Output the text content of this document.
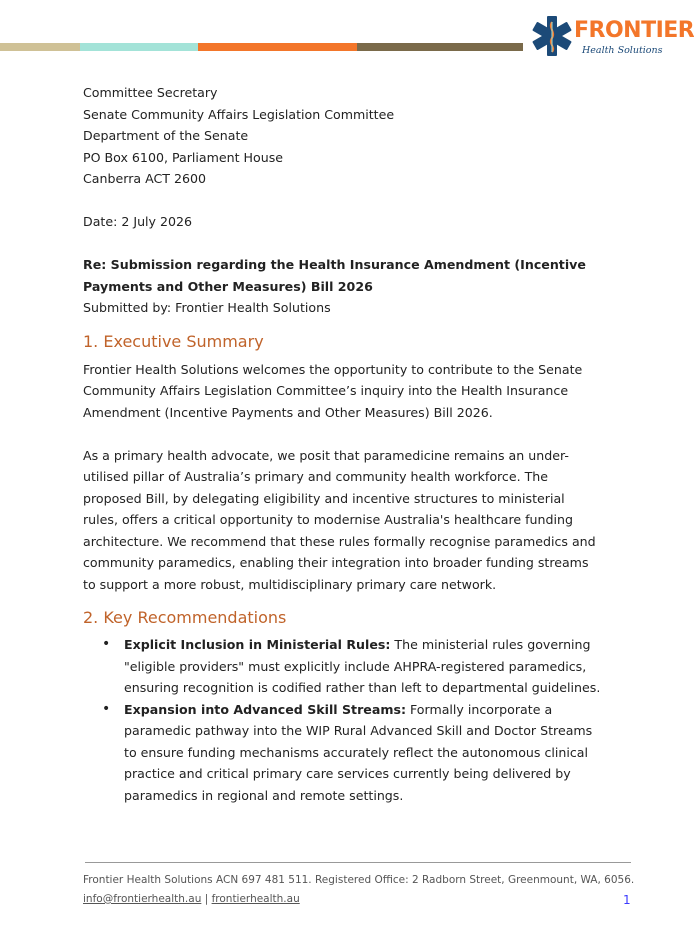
FRONTIER
Health Solutions
Committee Secretary
Senate Community Affairs Legislation Committee
Department of the Senate
PO Box 6100, Parliament House
Canberra ACT 2600
Date: 2 July 2026
Re: Submission regarding the Health Insurance Amendment (Incentive Payments and Other Measures) Bill 2026
Submitted by: Frontier Health Solutions
1. Executive Summary

Frontier Health Solutions welcomes the opportunity to contribute to the Senate Community Affairs Legislation Committee’s inquiry into the Health Insurance Amendment (Incentive Payments and Other Measures) Bill 2026.

As a primary health advocate, we posit that paramedicine remains an under-utilised pillar of Australia’s primary and community health workforce. The proposed Bill, by delegating eligibility and incentive structures to ministerial rules, offers a critical opportunity to modernise Australia's healthcare funding architecture. We recommend that these rules formally recognise paramedics and community paramedics, enabling their integration into broader funding streams to support a more robust, multidisciplinary primary care network.

2. Key Recommendations
• Explicit Inclusion in Ministerial Rules: The ministerial rules governing "eligible providers" must explicitly include AHPRA-registered paramedics, ensuring recognition is codified rather than left to departmental guidelines.
• Expansion into Advanced Skill Streams: Formally incorporate a paramedic pathway into the WIP Rural Advanced Skill and Doctor Streams to ensure funding mechanisms accurately reflect the autonomous clinical practice and critical primary care services currently being delivered by paramedics in regional and remote settings.
Frontier Health Solutions ACN 697 481 511. Registered Office: 2 Radborn Street, Greenmount, WA, 6056.
info@frontierhealth.au | frontierhealth.au	1
